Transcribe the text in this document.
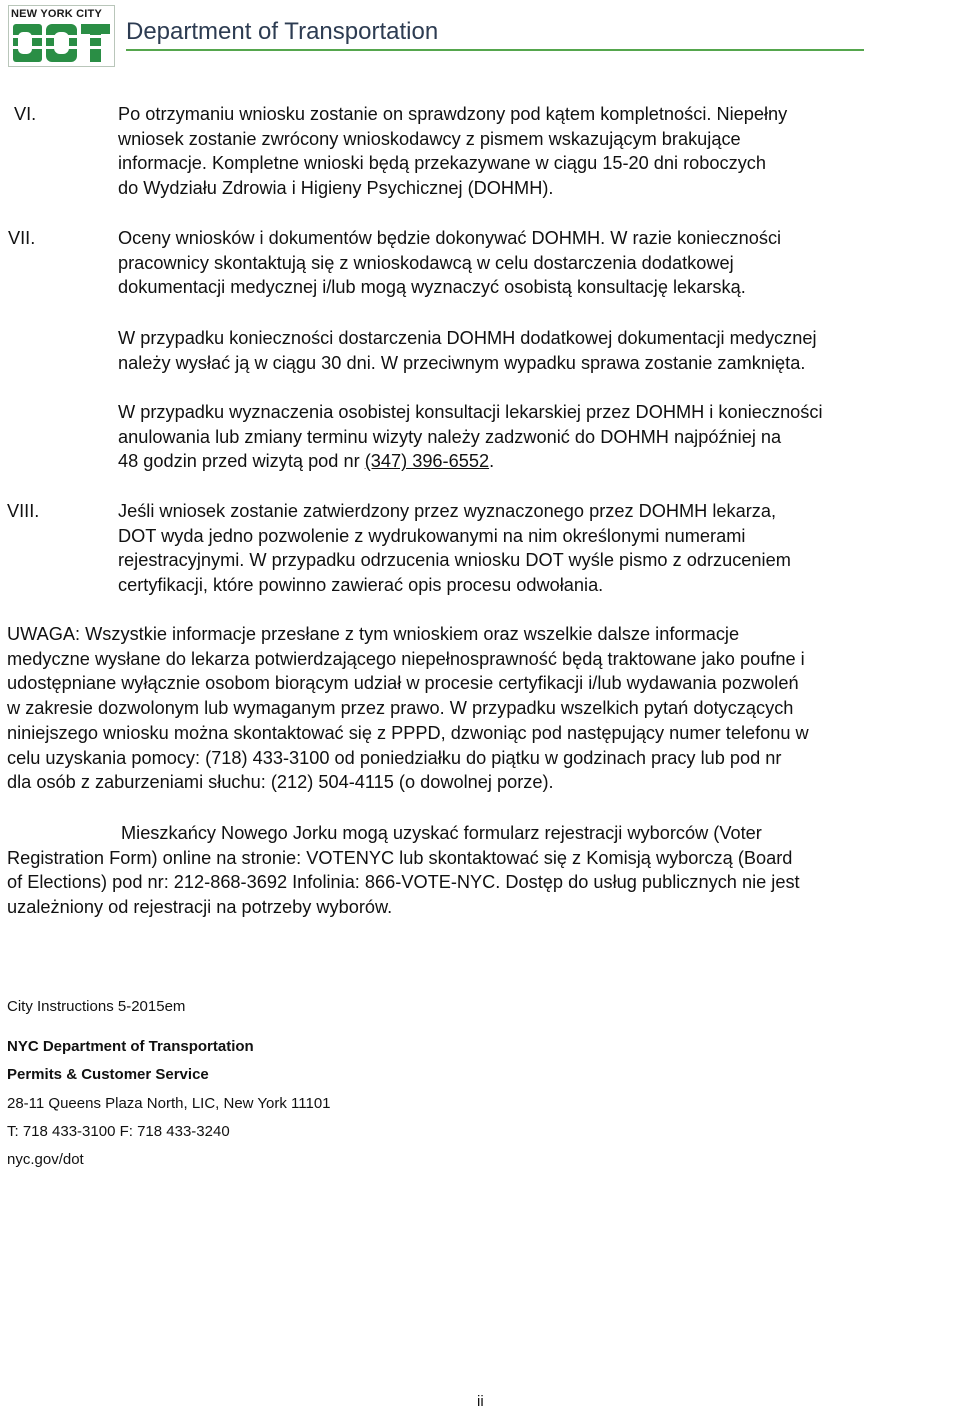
NEW YORK CITY
Department of Transportation
VI.	Po otrzymaniu wniosku zostanie on sprawdzony pod kątem kompletności. Niepełny
wniosek zostanie zwrócony wnioskodawcy z pismem wskazującym brakujące
informacje. Kompletne wnioski będą przekazywane w ciągu 15-20 dni roboczych
do Wydziału Zdrowia i Higieny Psychicznej (DOHMH).
VII.	Oceny wniosków i dokumentów będzie dokonywać DOHMH. W razie konieczności
pracownicy skontaktują się z wnioskodawcą w celu dostarczenia dodatkowej
dokumentacji medycznej i/lub mogą wyznaczyć osobistą konsultację lekarską.
W przypadku konieczności dostarczenia DOHMH dodatkowej dokumentacji medycznej
należy wysłać ją w ciągu 30 dni. W przeciwnym wypadku sprawa zostanie zamknięta.
W przypadku wyznaczenia osobistej konsultacji lekarskiej przez DOHMH i konieczności
anulowania lub zmiany terminu wizyty należy zadzwonić do DOHMH najpóźniej na
48 godzin przed wizytą pod nr (347) 396-6552.
VIII.	Jeśli wniosek zostanie zatwierdzony przez wyznaczonego przez DOHMH lekarza,
DOT wyda jedno pozwolenie z wydrukowanymi na nim określonymi numerami
rejestracyjnymi. W przypadku odrzucenia wniosku DOT wyśle pismo z odrzuceniem
certyfikacji, które powinno zawierać opis procesu odwołania.
UWAGA: Wszystkie informacje przesłane z tym wnioskiem oraz wszelkie dalsze informacje
medyczne wysłane do lekarza potwierdzającego niepełnosprawność będą traktowane jako poufne i
udostępniane wyłącznie osobom biorącym udział w procesie certyfikacji i/lub wydawania pozwoleń
w zakresie dozwolonym lub wymaganym przez prawo. W przypadku wszelkich pytań dotyczących
niniejszego wniosku można skontaktować się z PPPD, dzwoniąc pod następujący numer telefonu w
celu uzyskania pomocy: (718) 433-3100 od poniedziałku do piątku w godzinach pracy lub pod nr
dla osób z zaburzeniami słuchu: (212) 504-4115 (o dowolnej porze).
Mieszkańcy Nowego Jorku mogą uzyskać formularz rejestracji wyborców (Voter
Registration Form) online na stronie: VOTENYC lub skontaktować się z Komisją wyborczą (Board
of Elections) pod nr: 212-868-3692 Infolinia: 866-VOTE-NYC. Dostęp do usług publicznych nie jest
uzależniony od rejestracji na potrzeby wyborów.
City Instructions 5-2015em
NYC Department of Transportation
Permits & Customer Service
28-11 Queens Plaza North, LIC, New York 11101
T: 718 433-3100 F: 718 433-3240
nyc.gov/dot
ii
